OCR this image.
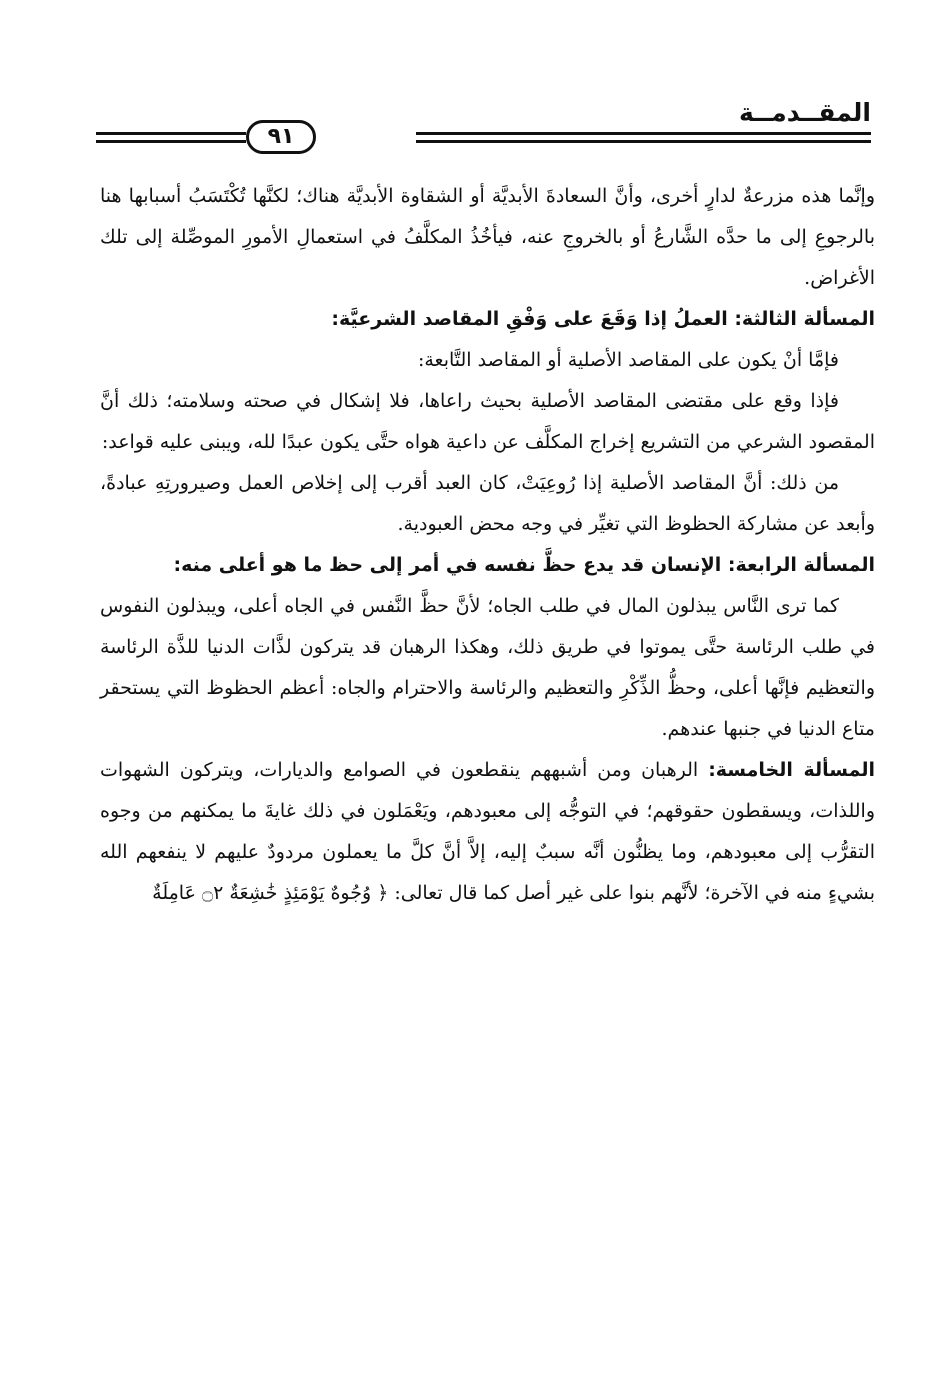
المقــدمــة
٩١

وإنَّما هذه مزرعةٌ لدارٍ أخرى، وأنَّ السعادةَ الأبديَّة أو الشقاوة الأبديَّة هناك؛ لكنَّها تُكْتَسَبُ أسبابها هنا بالرجوعِ إلى ما حدَّه الشَّارعُ أو بالخروجِ عنه، فيأخُذُ المكلَّفُ في استعمالِ الأمورِ الموصِّلة إلى تلك الأغراض.

المسألة الثالثة: العملُ إذا وَقَعَ على وَفْقِ المقاصد الشرعيَّة:

فإمَّا أنْ يكون على المقاصد الأصلية أو المقاصد التَّابعة:

فإذا وقع على مقتضى المقاصد الأصلية بحيث راعاها، فلا إشكال في صحته وسلامته؛ ذلك أنَّ المقصود الشرعي من التشريع إخراج المكلَّف عن داعية هواه حتَّى يكون عبدًا لله، ويبنى عليه قواعد:

من ذلك: أنَّ المقاصد الأصلية إذا رُوعِيَتْ، كان العبد أقرب إلى إخلاص العمل وصيرورتِهِ عبادةً، وأبعد عن مشاركة الحظوظ التي تغيِّر في وجه محض العبودية.

المسألة الرابعة: الإنسان قد يدع حظَّ نفسه في أمر إلى حظ ما هو أعلى منه:

كما ترى النَّاس يبذلون المال في طلب الجاه؛ لأنَّ حظَّ النَّفس في الجاه أعلى، ويبذلون النفوس في طلب الرئاسة حتَّى يموتوا في طريق ذلك، وهكذا الرهبان قد يتركون لذَّات الدنيا للذَّة الرئاسة والتعظيم فإنَّها أعلى، وحظُّ الذِّكْرِ والتعظيم والرئاسة والاحترام والجاه: أعظم الحظوظ التي يستحقر متاع الدنيا في جنبها عندهم.

المسألة الخامسة: الرهبان ومن أشبههم ينقطعون في الصوامع والديارات، ويتركون الشهوات واللذات، ويسقطون حقوقهم؛ في التوجُّه إلى معبودهم، ويَعْمَلون في ذلك غايةَ ما يمكنهم من وجوه التقرُّب إلى معبودهم، وما يظنُّون أنَّه سببٌ إليه، إلاَّ أنَّ كلَّ ما يعملون مردودٌ عليهم لا ينفعهم الله بشيءٍ منه في الآخرة؛ لأنَّهم بنوا على غير أصل كما قال تعالى: ﴿ وُجُوهٌ يَوْمَئِذٍ خَٰشِعَةٌ ۝٢ عَامِلَةٌ
